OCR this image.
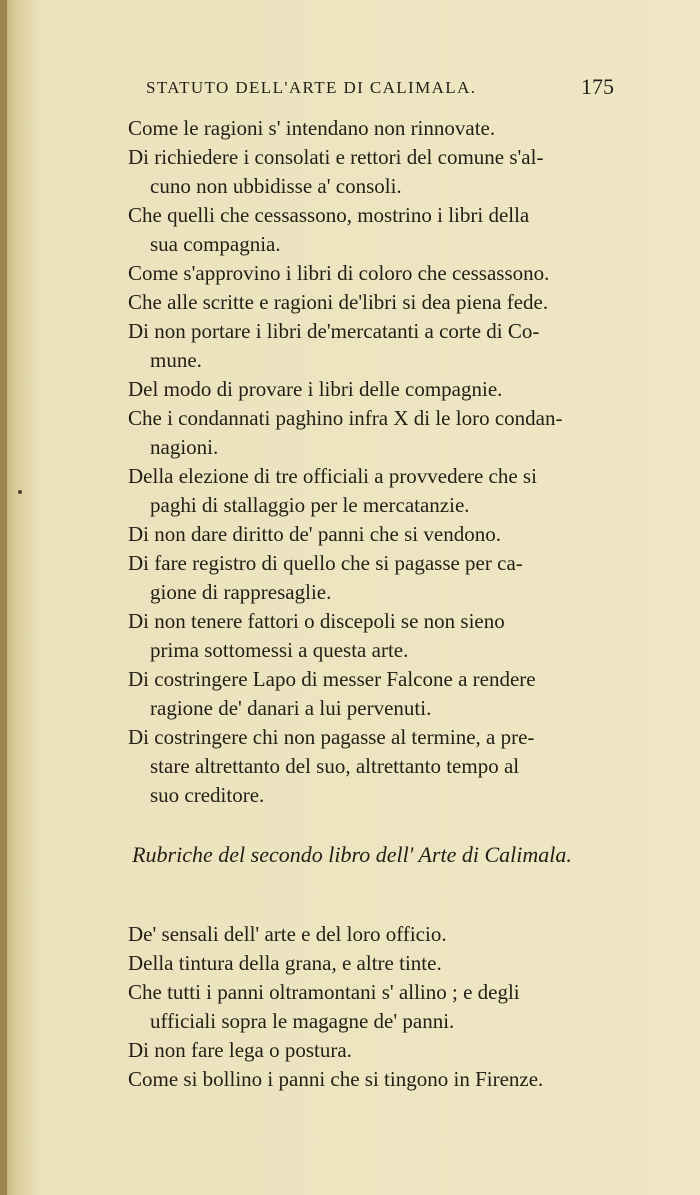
STATUTO DELL'ARTE DI CALIMALA.	175
Come le ragioni s' intendano non rinnovate.
Di richiedere i consolati e rettori del comune s'al-
cuno non ubbidisse a' consoli.
Che quelli che cessassono, mostrino i libri della
sua compagnia.
Come s'approvino i libri di coloro che cessassono.
Che alle scritte e ragioni de'libri si dea piena fede.
Di non portare i libri de'mercatanti a corte di Co-
mune.
Del modo di provare i libri delle compagnie.
Che i condannati paghino infra X di le loro condan-
nagioni.
Della elezione di tre officiali a provvedere che si
paghi di stallaggio per le mercatanzie.
Di non dare diritto de' panni che si vendono.
Di fare registro di quello che si pagasse per ca-
gione di rappresaglie.
Di non tenere fattori o discepoli se non sieno
prima sottomessi a questa arte.
Di costringere Lapo di messer Falcone a rendere
ragione de' danari a lui pervenuti.
Di costringere chi non pagasse al termine, a pre-
stare altrettanto del suo, altrettanto tempo al
suo creditore.
Rubriche del secondo libro dell' Arte di Calimala.
De' sensali dell' arte e del loro officio.
Della tintura della grana, e altre tinte.
Che tutti i panni oltramontani s' allino ; e degli
ufficiali sopra le magagne de' panni.
Di non fare lega o postura.
Come si bollino i panni che si tingono in Firenze.
